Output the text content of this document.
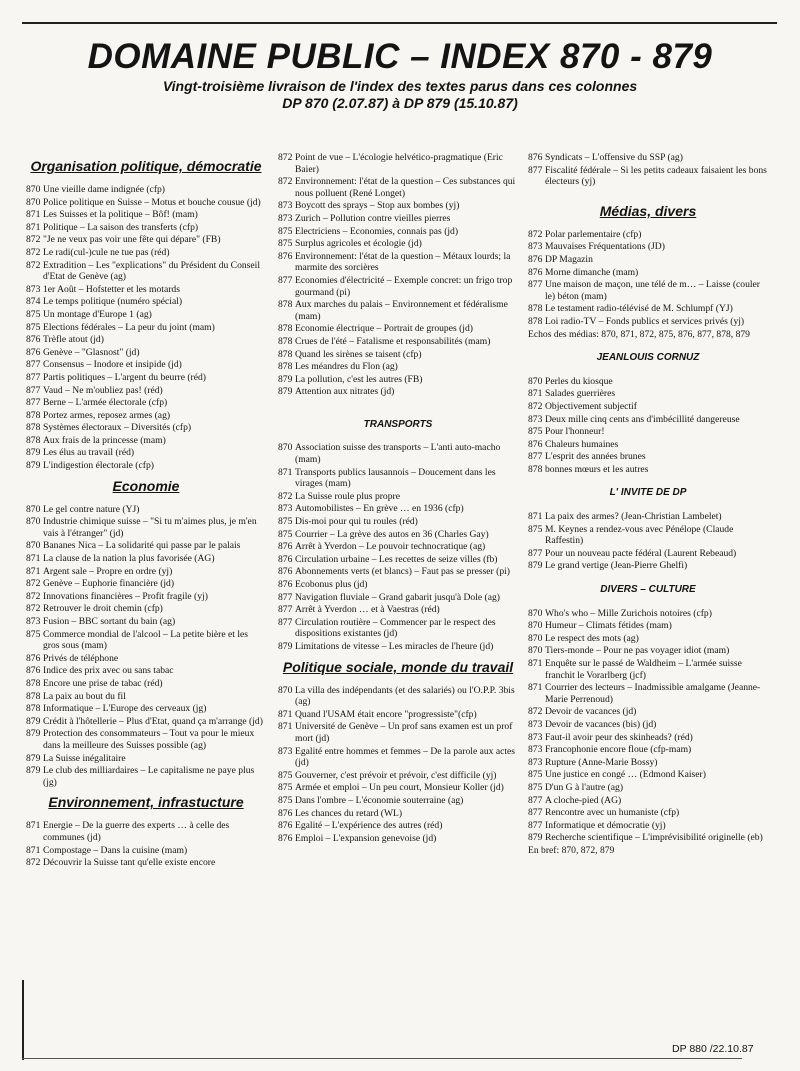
DOMAINE PUBLIC – INDEX 870 - 879

Vingt-troisième livraison de l'index des textes parus dans ces colonnes

DP 870 (2.07.87) à DP 879 (15.10.87)

Organisation politique, démocratie
870 Une vieille dame indignée (cfp)
870 Police politique en Suisse – Motus et bouche cousue (jd)
871 Les Suisses et la politique – Bôf! (mam)
871 Politique – La saison des transferts (cfp)
872 "Je ne veux pas voir une fête qui dépare" (FB)
872 Le radi(cul-)cule ne tue pas (réd)
872 Extradition – Les "explications" du Président du Conseil d'Etat de Genève (ag)
873 1er Août – Hofstetter et les motards
874 Le temps politique (numéro spécial)
875 Un montage d'Europe 1 (ag)
875 Elections fédérales – La peur du joint (mam)
876 Trèfle atout (jd)
876 Genève – "Glasnost" (jd)
877 Consensus – Inodore et insipide (jd)
877 Partis politiques – L'argent du beurre (réd)
877 Vaud – Ne m'oubliez pas! (réd)
877 Berne – L'armée électorale (cfp)
878 Portez armes, reposez armes (ag)
878 Systèmes électoraux – Diversités (cfp)
878 Aux frais de la princesse (mam)
879 Les élus au travail (réd)
879 L'indigestion électorale (cfp)
Economie
870 Le gel contre nature (YJ)
870 Industrie chimique suisse – "Si tu m'aimes plus, je m'en vais à l'étranger" (jd)
870 Bananes Nica – La solidarité qui passe par le palais
871 La clause de la nation la plus favorisée (AG)
871 Argent sale – Propre en ordre (yj)
872 Genève – Euphorie financière (jd)
872 Innovations financières – Profit fragile (yj)
872 Retrouver le droit chemin (cfp)
873 Fusion – BBC sortant du bain (ag)
875 Commerce mondial de l'alcool – La petite bière et les gros sous (mam)
876 Privés de téléphone
876 Indice des prix avec ou sans tabac
878 Encore une prise de tabac (réd)
878 La paix au bout du fil
878 Informatique – L'Europe des cerveaux (jg)
879 Crédit à l'hôtellerie – Plus d'Etat, quand ça m'arrange (jd)
879 Protection des consommateurs – Tout va pour le mieux dans la meilleure des Suisses possible (ag)
879 La Suisse inégalitaire
879 Le club des milliardaires – Le capitalisme ne paye plus (jg)
Environnement, infrastucture
871 Energie – De la guerre des experts … à celle des communes (jd)
871 Compostage – Dans la cuisine (mam)
872 Découvrir la Suisse tant qu'elle existe encore
872 Point de vue – L'écologie helvético-pragmatique (Eric Baier)
872 Environnement: l'état de la question – Ces substances qui nous polluent (René Longet)
873 Boycott des sprays – Stop aux bombes (yj)
873 Zurich – Pollution contre vieilles pierres
875 Electriciens – Economies, connais pas (jd)
875 Surplus agricoles et écologie (jd)
876 Environnement: l'état de la question – Métaux lourds; la marmite des sorcières
877 Economies d'électricité – Exemple concret: un frigo trop gourmand (pi)
878 Aux marches du palais – Environnement et fédéralisme (mam)
878 Economie électrique – Portrait de groupes (jd)
878 Crues de l'été – Fatalisme et responsabilités (mam)
878 Quand les sirènes se taisent (cfp)
878 Les méandres du Flon (ag)
879 La pollution, c'est les autres (FB)
879 Attention aux nitrates (jd)
TRANSPORTS
870 Association suisse des transports – L'anti auto-macho (mam)
871 Transports publics lausannois – Doucement dans les virages (mam)
872 La Suisse roule plus propre
873 Automobilistes – En grève … en 1936 (cfp)
875 Dis-moi pour qui tu roules (réd)
875 Courrier – La grève des autos en 36 (Charles Gay)
876 Arrêt à Yverdon – Le pouvoir technocratique (ag)
876 Circulation urbaine – Les recettes de seize villes (fb)
876 Abonnements verts (et blancs) – Faut pas se presser (pi)
876 Ecobonus plus (jd)
877 Navigation fluviale – Grand gabarit jusqu'à Dole (ag)
877 Arrêt à Yverdon … et à Vaestras (réd)
877 Circulation routière – Commencer par le respect des dispositions existantes (jd)
879 Limitations de vitesse – Les miracles de l'heure (jd)
Politique sociale, monde du travail
870 La villa des indépendants (et des salariés) ou l'O.P.P. 3bis (ag)
871 Quand l'USAM était encore "progressiste"(cfp)
871 Université de Genève – Un prof sans examen est un prof mort (jd)
873 Egalité entre hommes et femmes – De la parole aux actes (jd)
875 Gouverner, c'est prévoir et prévoir, c'est difficile (yj)
875 Armée et emploi – Un peu court, Monsieur Koller (jd)
875 Dans l'ombre – L'économie souterraine (ag)
876 Les chances du retard (WL)
876 Egalité – L'expérience des autres (réd)
876 Emploi – L'expansion genevoise (jd)
876 Syndicats – L'offensive du SSP (ag)
877 Fiscalité fédérale – Si les petits cadeaux faisaient les bons électeurs (yj)
Médias, divers
872 Polar parlementaire (cfp)
873 Mauvaises Fréquentations (JD)
876 DP Magazin
876 Morne dimanche (mam)
877 Une maison de maçon, une télé de m… – Laisse (couler le) béton (mam)
878 Le testament radio-télévisé de M. Schlumpf (YJ)
878 Loi radio-TV – Fonds publics et services privés (yj)
Echos des médias: 870, 871, 872, 875, 876, 877, 878, 879
JEANLOUIS CORNUZ
870 Perles du kiosque
871 Salades guerrières
872 Objectivement subjectif
873 Deux mille cinq cents ans d'imbécillité dangereuse
875 Pour l'honneur!
876 Chaleurs humaines
877 L'esprit des années brunes
878 bonnes mœurs et les autres
L' INVITE DE DP
871 La paix des armes? (Jean-Christian Lambelet)
875 M. Keynes a rendez-vous avec Pénélope (Claude Raffestin)
877 Pour un nouveau pacte fédéral (Laurent Rebeaud)
879 Le grand vertige (Jean-Pierre Ghelfi)
DIVERS – CULTURE
870 Who's who – Mille Zurichois notoires (cfp)
870 Humeur – Climats fétides (mam)
870 Le respect des mots (ag)
870 Tiers-monde – Pour ne pas voyager idiot (mam)
871 Enquête sur le passé de Waldheim – L'armée suisse franchit le Vorarlberg (jcf)
871 Courrier des lecteurs – Inadmissible amalgame (Jeanne-Marie Perrenoud)
872 Devoir de vacances (jd)
873 Devoir de vacances (bis) (jd)
873 Faut-il avoir peur des skinheads? (réd)
873 Francophonie encore floue (cfp-mam)
873 Rupture (Anne-Marie Bossy)
875 Une justice en congé … (Edmond Kaiser)
875 D'un G à l'autre (ag)
877 A cloche-pied (AG)
877 Rencontre avec un humaniste (cfp)
877 Informatique et démocratie (yj)
879 Recherche scientifique – L'imprévisibilité originelle (eb)
En bref: 870, 872, 879
DP 880 /22.10.87
